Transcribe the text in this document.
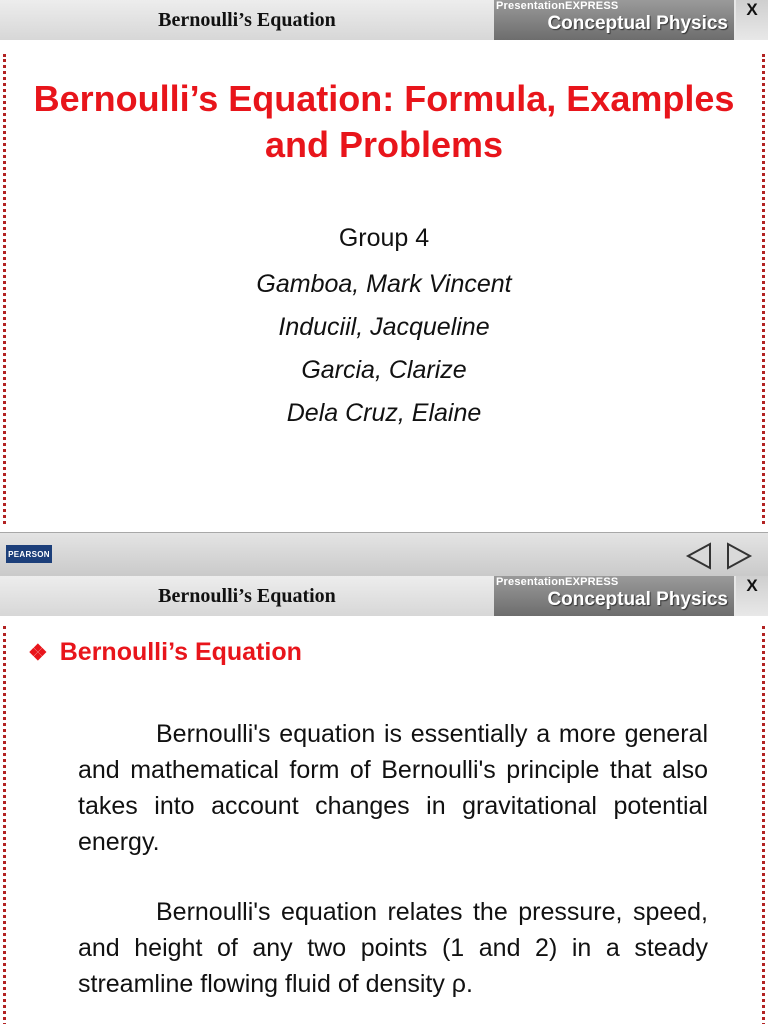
Bernoulli’s Equation
PresentationEXPRESS
Conceptual Physics
X
Bernoulli’s Equation: Formula, Examples and Problems
Group 4
Gamboa, Mark Vincent
Induciil, Jacqueline
Garcia, Clarize
Dela Cruz, Elaine
PEARSON
Bernoulli’s Equation
PresentationEXPRESS
Conceptual Physics
X
❖ Bernoulli’s Equation
Bernoulli's equation is essentially a more general and mathematical form of Bernoulli's principle that also takes into account changes in gravitational potential energy.
Bernoulli's equation relates the pressure, speed, and height of any two points (1 and 2) in a steady streamline flowing fluid of density ρ.
